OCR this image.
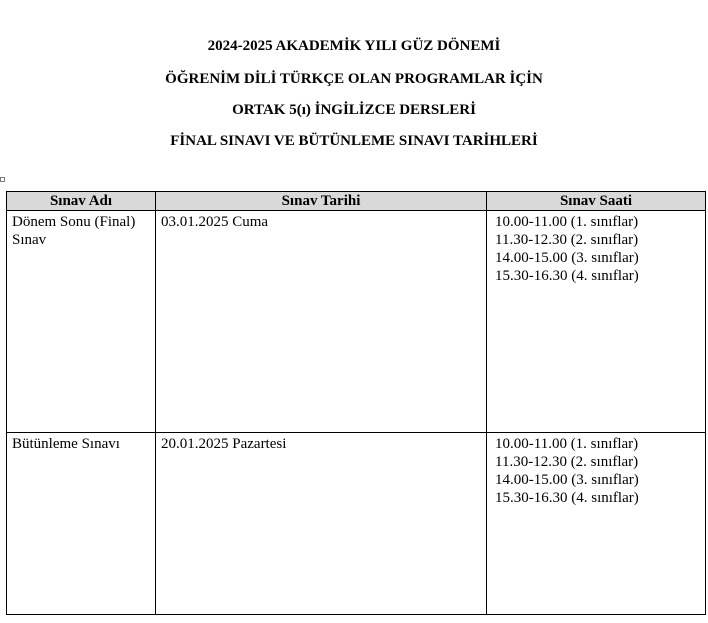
2024-2025 AKADEMİK YILI GÜZ DÖNEMİ
ÖĞRENİM DİLİ TÜRKÇE OLAN PROGRAMLAR İÇİN
ORTAK 5(ı) İNGİLİZCE DERSLERİ
FİNAL SINAVI VE BÜTÜNLEME SINAVI TARİHLERİ
Sınav Adı	Sınav Tarihi	Sınav Saati
Dönem Sonu (Final) Sınav	03.01.2025 Cuma	10.00-11.00 (1. sınıflar)
11.30-12.30 (2. sınıflar)
14.00-15.00 (3. sınıflar)
15.30-16.30 (4. sınıflar)

Bütünleme Sınavı	20.01.2025 Pazartesi	10.00-11.00 (1. sınıflar)
11.30-12.30 (2. sınıflar)
14.00-15.00 (3. sınıflar)
15.30-16.30 (4. sınıflar)
